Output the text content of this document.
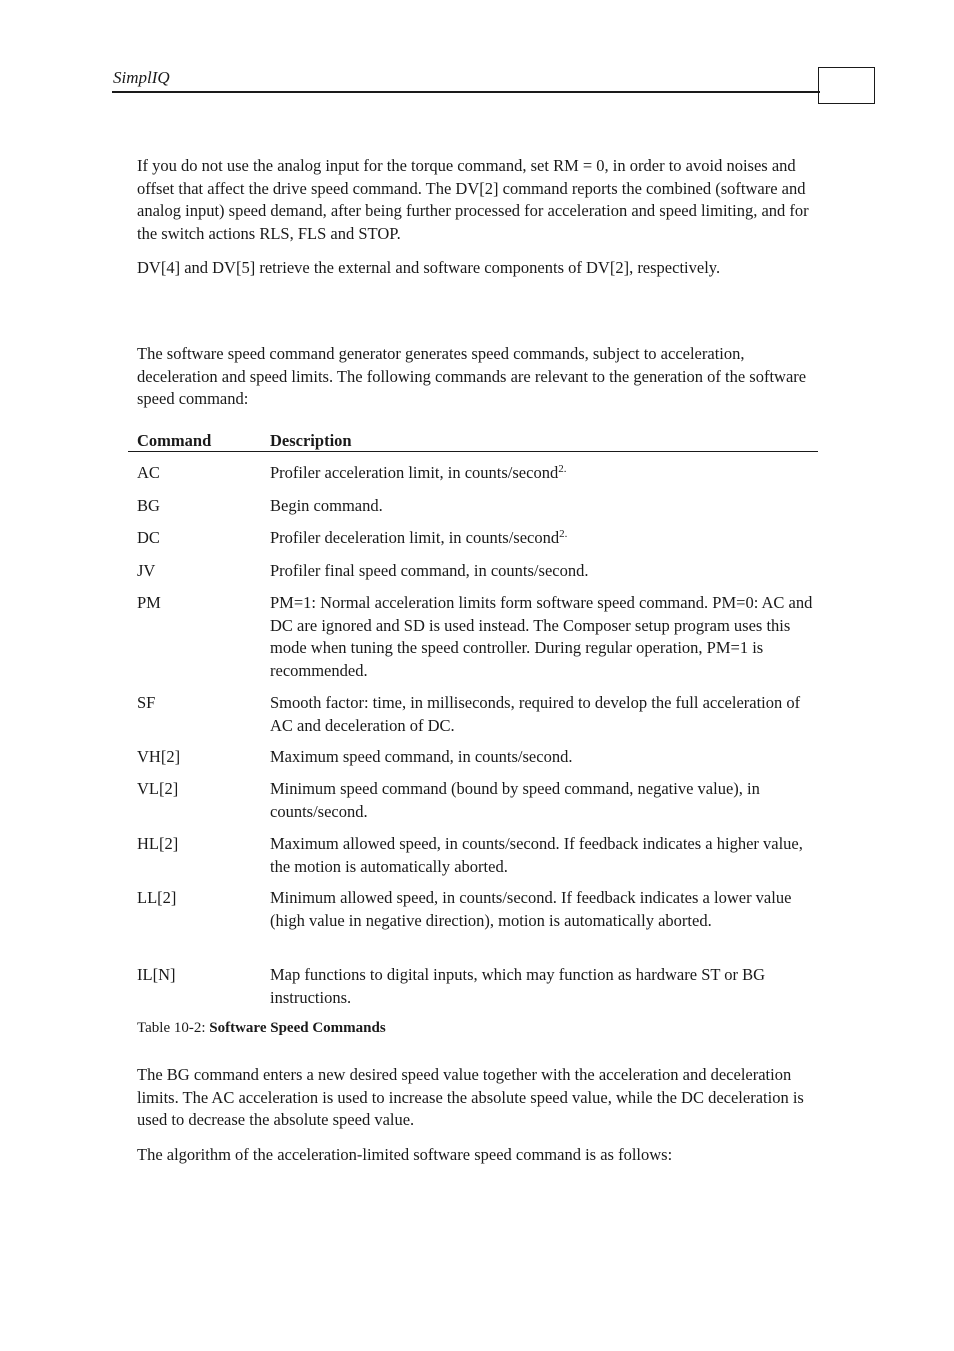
SimplIQ

If you do not use the analog input for the torque command, set RM = 0, in order to avoid noises and offset that affect the drive speed command. The DV[2] command reports the combined (software and analog input) speed demand, after being further processed for acceleration and speed limiting, and for the switch actions RLS, FLS and STOP.

DV[4] and DV[5] retrieve the external and software components of DV[2], respectively.

The software speed command generator generates speed commands, subject to acceleration, deceleration and speed limits. The following commands are relevant to the generation of the software speed command:

Command	Description
AC	Profiler acceleration limit, in counts/second$^{2.}$
BG	Begin command.
DC	Profiler deceleration limit, in counts/second$^{2.}$
JV	Profiler final speed command, in counts/second.
PM	PM=1: Normal acceleration limits form software speed command. PM=0: AC and DC are ignored and SD is used instead. The Composer setup program uses this mode when tuning the speed controller. During regular operation, PM=1 is recommended.
SF	Smooth factor: time, in milliseconds, required to develop the full acceleration of AC and deceleration of DC.
VH[2]	Maximum speed command, in counts/second.
VL[2]	Minimum speed command (bound by speed command, negative value), in counts/second.
HL[2]	Maximum allowed speed, in counts/second. If feedback indicates a higher value, the motion is automatically aborted.
LL[2]	Minimum allowed speed, in counts/second. If feedback indicates a lower value (high value in negative direction), motion is automatically aborted.
IL[N]	Map functions to digital inputs, which may function as hardware ST or BG instructions.
Table 10-2: Software Speed Commands

The BG command enters a new desired speed value together with the acceleration and deceleration limits. The AC acceleration is used to increase the absolute speed value, while the DC deceleration is used to decrease the absolute speed value.

The algorithm of the acceleration-limited software speed command is as follows:
